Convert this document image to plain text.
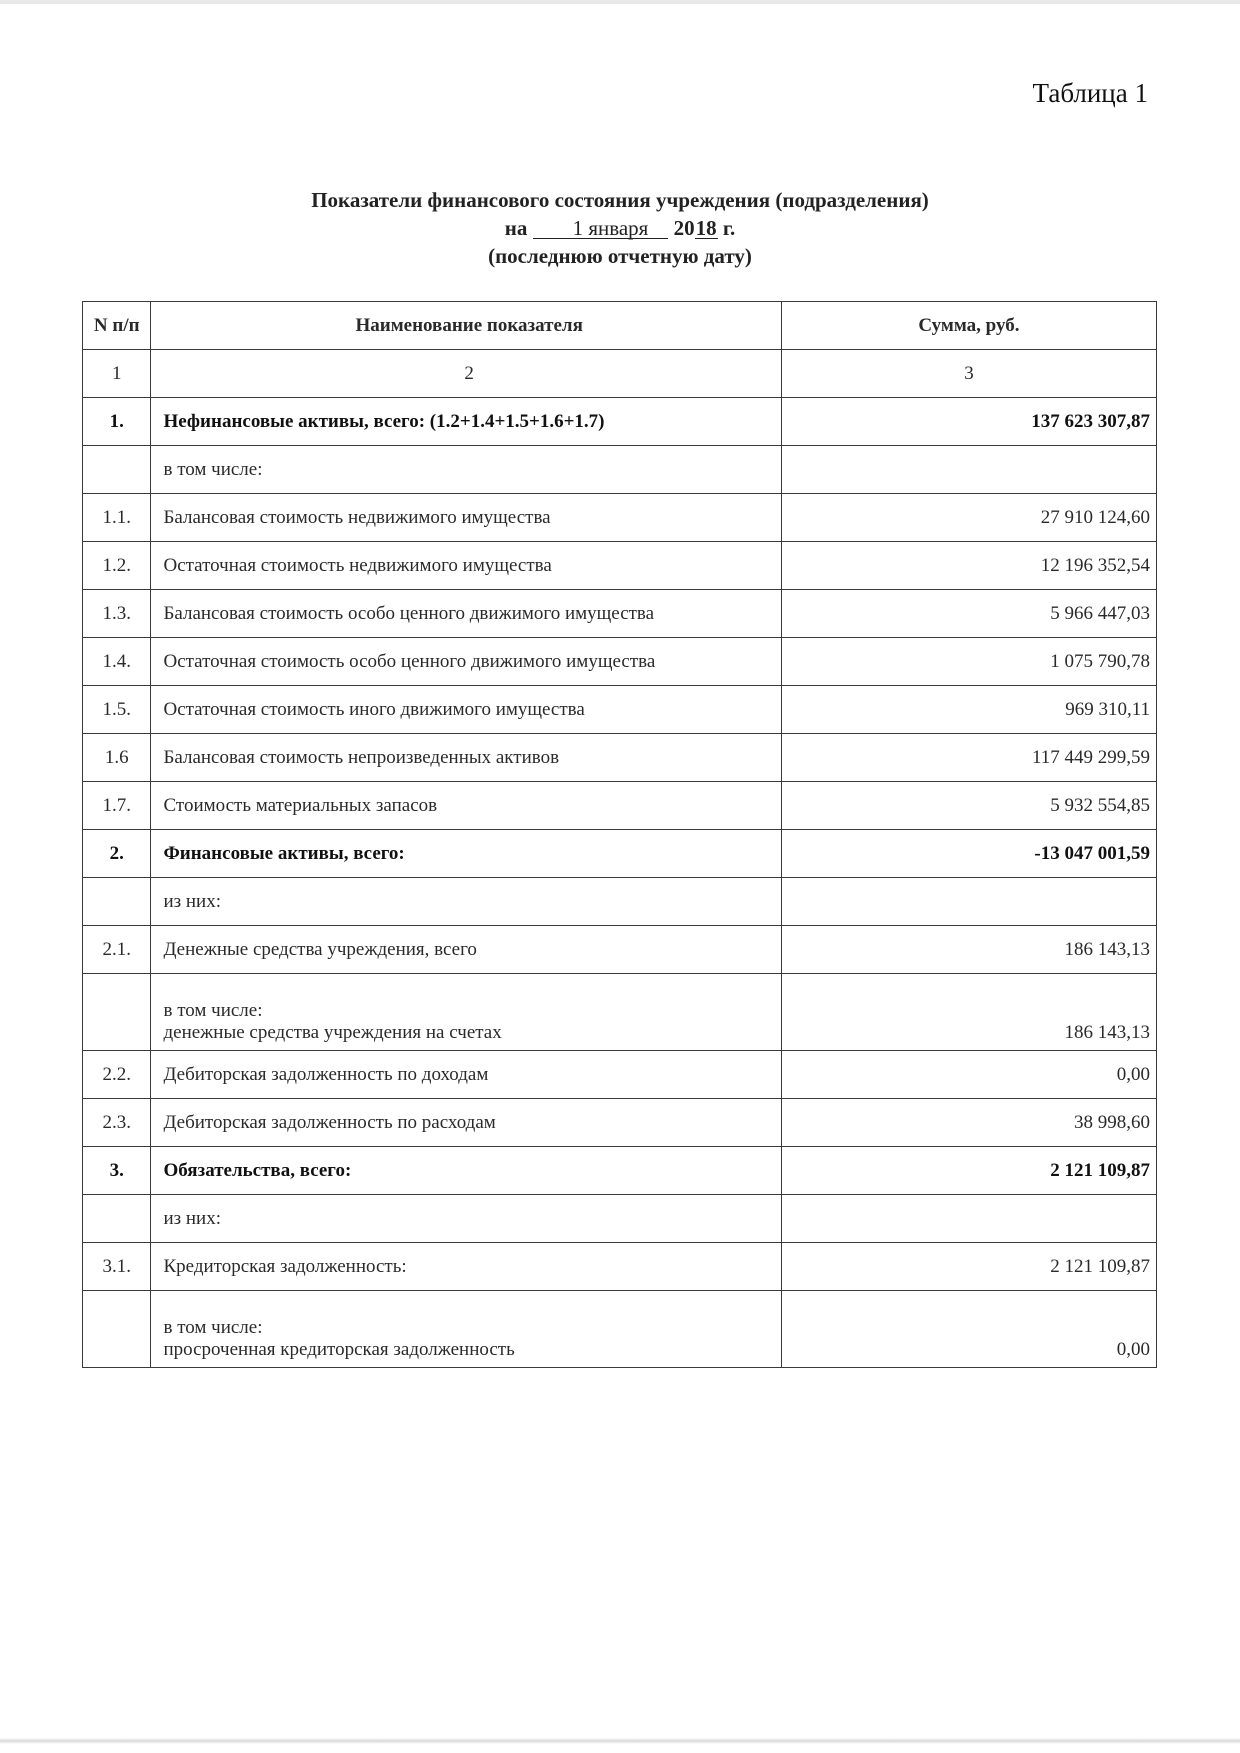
Таблица 1
Показатели финансового состояния учреждения (подразделения)
на 1 января 2018 г.
(последнюю отчетную дату)
N п/п	Наименование показателя	Сумма, руб.
1	2	3
1.	Нефинансовые активы, всего: (1.2+1.4+1.5+1.6+1.7)	137 623 307,87
	в том числе:	
1.1.	Балансовая стоимость недвижимого имущества	27 910 124,60
1.2.	Остаточная стоимость недвижимого имущества	12 196 352,54
1.3.	Балансовая стоимость особо ценного движимого имущества	5 966 447,03
1.4.	Остаточная стоимость особо ценного движимого имущества	1 075 790,78
1.5.	Остаточная стоимость иного движимого имущества	969 310,11
1.6	Балансовая стоимость непроизведенных активов	117 449 299,59
1.7.	Стоимость материальных запасов	5 932 554,85
2.	Финансовые активы, всего:	-13 047 001,59
	из них:	
2.1.	Денежные средства учреждения, всего	186 143,13

	в том числе:
денежные средства учреждения на счетах	186 143,13
2.2.	Дебиторская задолженность по доходам	0,00
2.3.	Дебиторская задолженность по расходам	38 998,60
3.	Обязательства, всего:	2 121 109,87
	из них:	
3.1.	Кредиторская задолженность:	2 121 109,87

	в том числе:
просроченная кредиторская задолженность	0,00
